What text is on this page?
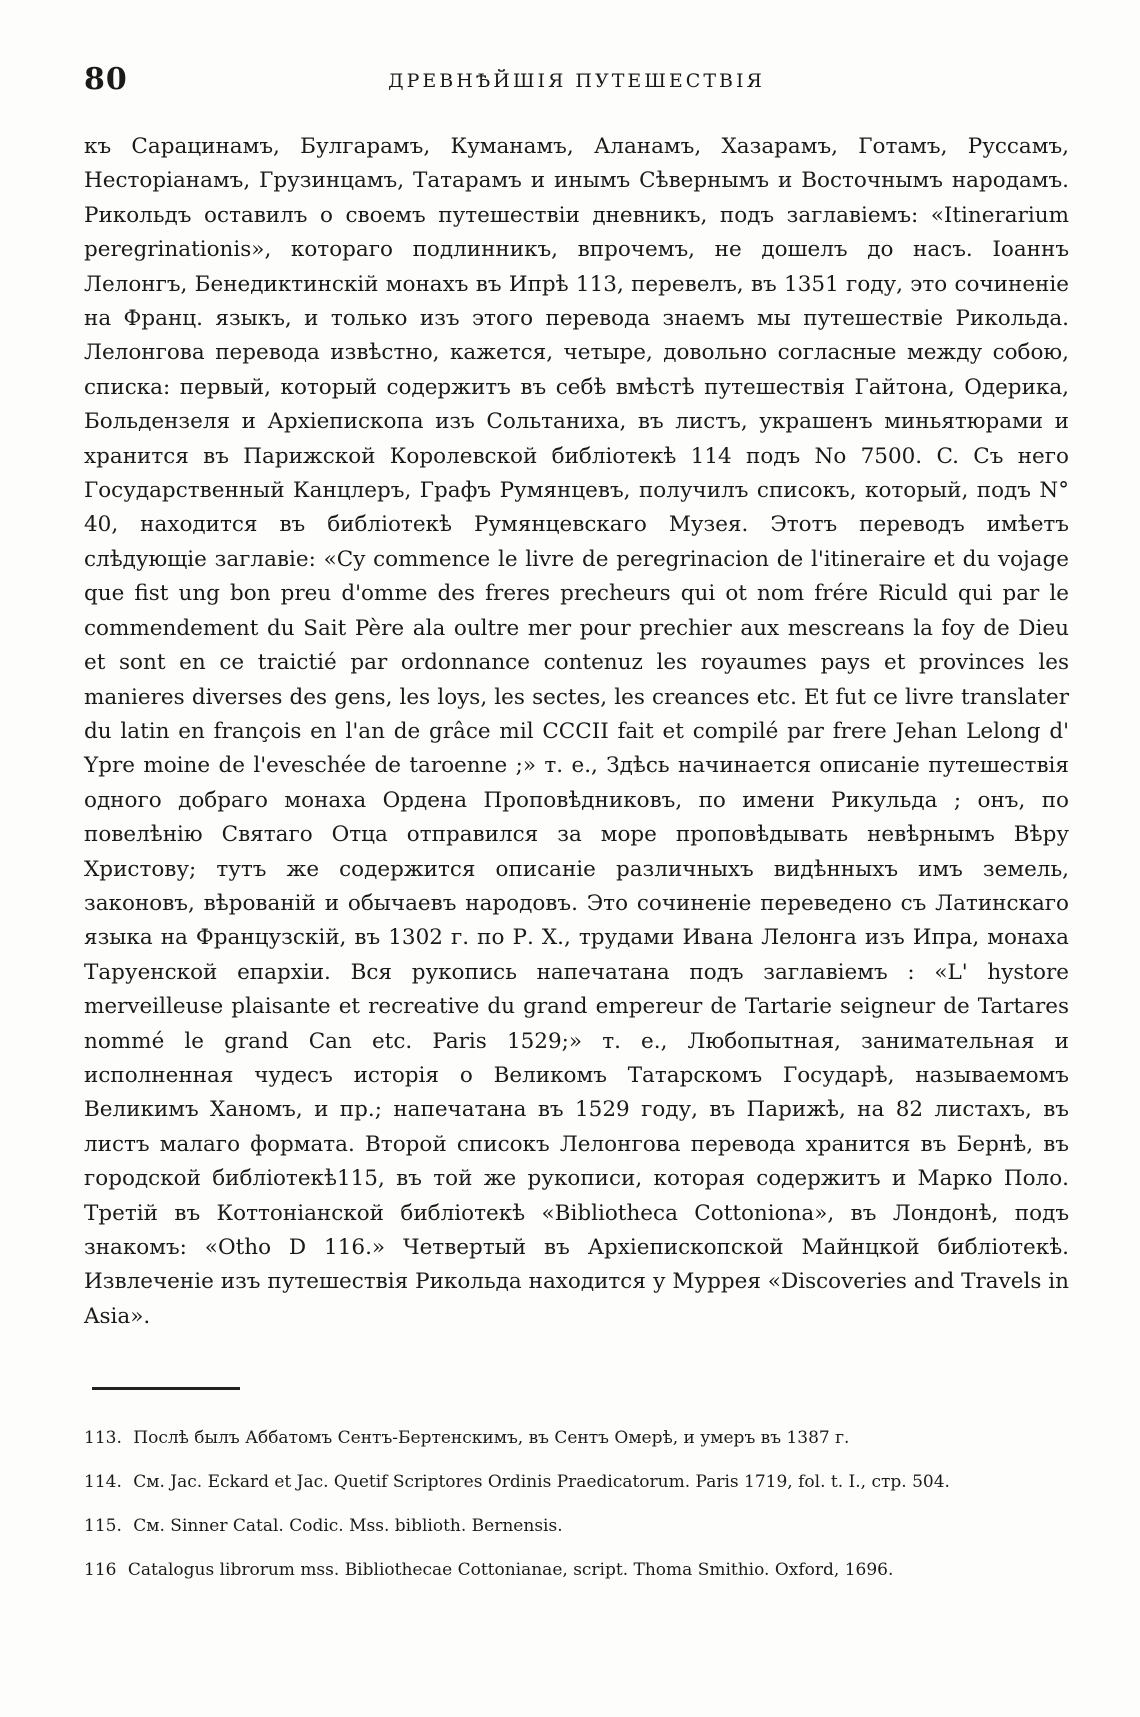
80	ДРЕВНѢЙШIЯ ПУТЕШЕСТВIЯ

къ Сарацинамъ, Булгарамъ, Куманамъ, Аланамъ, Хазарамъ, Готамъ, Руссамъ, Несторiанамъ, Грузинцамъ, Татарамъ и инымъ Сѣвернымъ и Восточнымъ народамъ. Рикольдъ оставилъ о своемъ путешествiи дневникъ, подъ заглавiемъ: «Itinerarium peregrinationis», котораго подлинникъ, впрочемъ, не дошелъ до насъ. Iоаннъ Лелонгъ, Бенедиктинскiй монахъ въ Ипрѣ 113, перевелъ, въ 1351 году, это сочиненiе на Франц. языкъ, и только изъ этого перевода знаемъ мы путешествiе Рикольда. Лелонгова перевода извѣстно, кажется, четыре, довольно согласные между собою, списка: первый, который содержитъ въ себѣ вмѣстѣ путешествiя Гайтона, Одерика, Больдензеля и Архiепископа изъ Сольтаниха, въ листъ, украшенъ миньятюрами и хранится въ Парижской Королевской библiотекѣ 114 подъ No 7500. C. Съ него Государственный Канцлеръ, Графъ Румянцевъ, получилъ списокъ, который, подъ N° 40, находится въ библiотекѣ Румянцевскаго Музея. Этотъ переводъ имѣетъ слѣдующiе заглавiе: «Cy commence le livre de peregrinacion de l'itineraire et du vojage que fist ung bon preu d'omme des freres precheurs qui ot nom frére Riculd qui par le commendement du Sait Père ala oultre mer pour prechier aux mescreans la foy de Dieu et sont en ce traictié par ordonnance contenuz les royaumes pays et provinces les manieres diverses des gens, les loys, les sectes, les creances etc. Et fut ce livre translater du latin en françois en l'an de grâce mil CCCII fait et compilé par frere Jehan Lelong d' Ypre moine de l'eveschée de taroenne ;» т. е., Здѣсь начинается описанiе путешествiя одного добраго монаха Ордена Проповѣдниковъ, по имени Рикульда ; онъ, по повелѣнiю Святаго Отца отправился за море проповѣдывать невѣрнымъ Вѣру Христову; тутъ же содержится описанiе различныхъ видѣнныхъ имъ земель, законовъ, вѣрованiй и обычаевъ народовъ. Это сочиненiе переведено съ Латинскаго языка на Французскiй, въ 1302 г. по Р. Х., трудами Ивана Лелонга изъ Ипра, монаха Таруенской епархiи. Вся рукопись напечатана подъ заглавiемъ : «L' hystore merveilleuse plaisante et recreative du grand empereur de Tartarie seigneur de Tartares nommé le grand Can etc. Paris 1529;» т. е., Любопытная, занимательная и исполненная чудесъ исторiя о Великомъ Татарскомъ Государѣ, называемомъ Великимъ Ханомъ, и пр.; напечатана въ 1529 году, въ Парижѣ, на 82 листахъ, въ листъ малаго формата. Второй списокъ Лелонгова перевода хранится въ Бернѣ, въ городской библiотекѣ115, въ той же рукописи, которая содержитъ и Марко Поло. Третiй въ Коттонiанской библiотекѣ «Bibliotheca Cottoniona», въ Лондонѣ, подъ знакомъ: «Otho D 116.» Четвертый въ Архiепископской Майнцкой библiотекѣ. Извлеченiе изъ путешествiя Рикольда находится у Муррея «Discoveries and Travels in Asia».

113. Послѣ былъ Аббатомъ Сентъ-Бертенскимъ, въ Сентъ Омерѣ, и умеръ въ 1387 г.

114. См. Jac. Eckard et Jac. Quetif Scriptores Ordinis Praedicatorum. Paris 1719, fol. t. I., стр. 504.

115. См. Sinner Catal. Codic. Mss. biblioth. Bernensis.

116 Catalogus librorum mss. Bibliothecae Cottonianae, script. Thoma Smithio. Oxford, 1696.
